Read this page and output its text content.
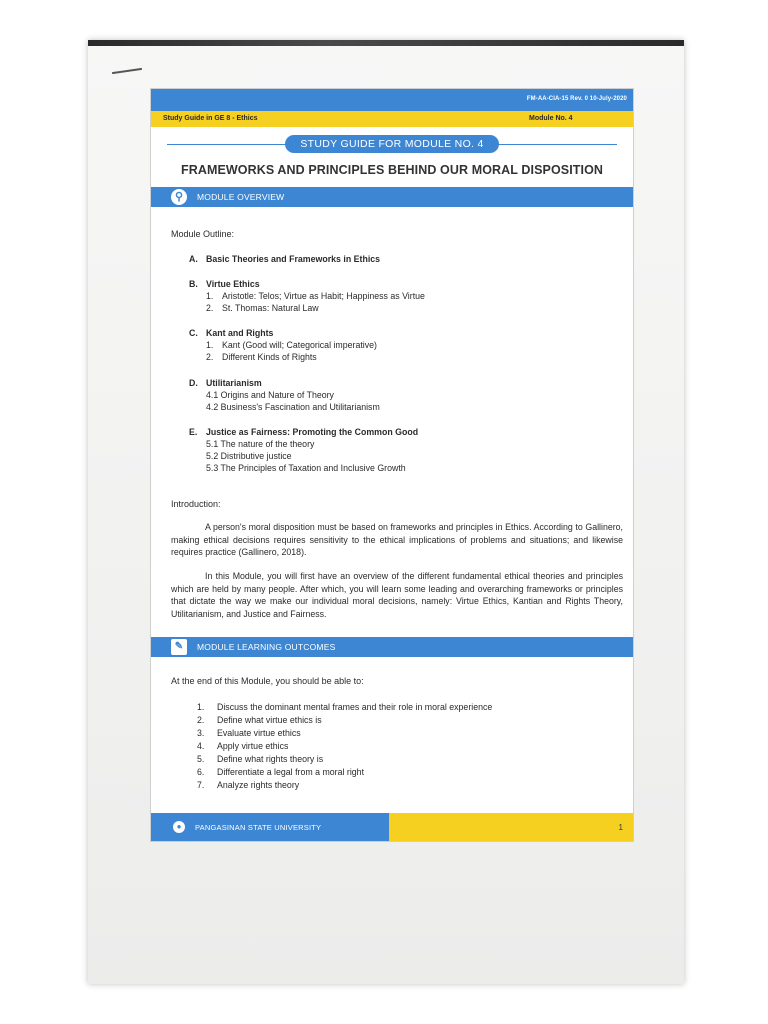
FM-AA-CIA-15 Rev. 0 10-July-2020
Study Guide in GE 8 - Ethics	Module No. 4
STUDY GUIDE FOR MODULE NO. 4
FRAMEWORKS AND PRINCIPLES BEHIND OUR MORAL DISPOSITION
⚲	MODULE OVERVIEW
Module Outline:
A. Basic Theories and Frameworks in Ethics
B. Virtue Ethics
1. Aristotle: Telos; Virtue as Habit; Happiness as Virtue
2. St. Thomas: Natural Law
C. Kant and Rights
1. Kant (Good will; Categorical imperative)
2. Different Kinds of Rights
D. Utilitarianism
4.1 Origins and Nature of Theory
4.2 Business's Fascination and Utilitarianism
E. Justice as Fairness: Promoting the Common Good
5.1 The nature of the theory
5.2 Distributive justice
5.3 The Principles of Taxation and Inclusive Growth
Introduction:
A person's moral disposition must be based on frameworks and principles in Ethics. According to Gallinero, making ethical decisions requires sensitivity to the ethical implications of problems and situations; and likewise requires practice (Gallinero, 2018).
In this Module, you will first have an overview of the different fundamental ethical theories and principles which are held by many people. After which, you will learn some leading and overarching frameworks or principles that dictate the way we make our individual moral decisions, namely: Virtue Ethics, Kantian and Rights Theory, Utilitarianism, and Justice and Fairness.
✎	MODULE LEARNING OUTCOMES
At the end of this Module, you should be able to:
1. Discuss the dominant mental frames and their role in moral experience
2. Define what virtue ethics is
3. Evaluate virtue ethics
4. Apply virtue ethics
5. Define what rights theory is
6. Differentiate a legal from a moral right
7. Analyze rights theory
●	PANGASINAN STATE UNIVERSITY	1
